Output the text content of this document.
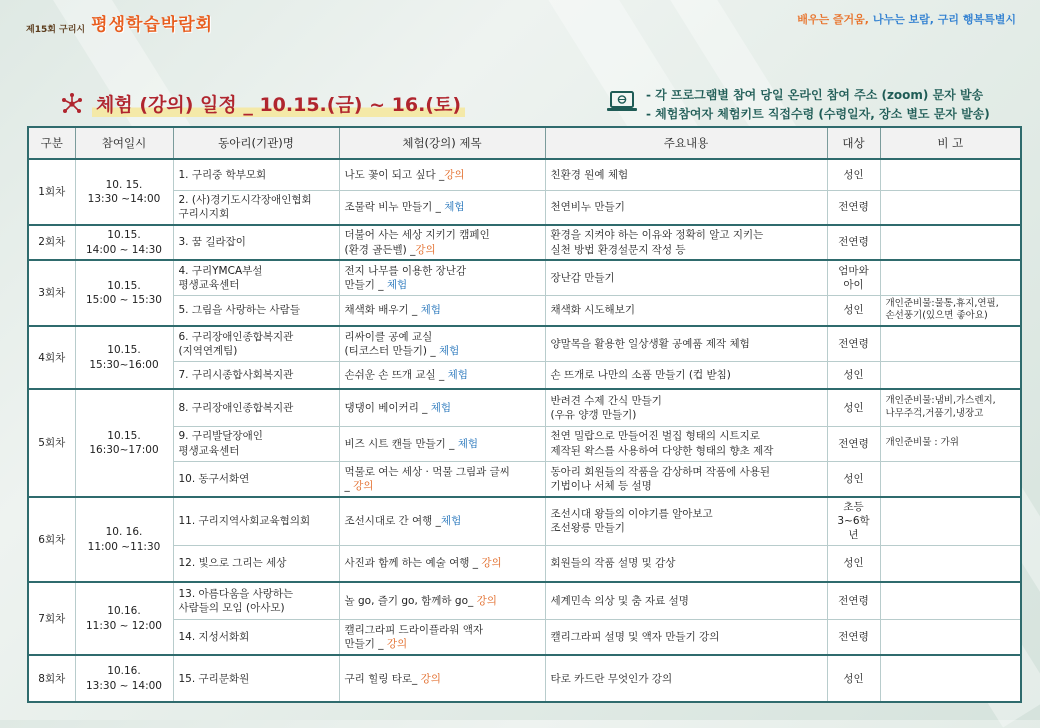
제15회 구리시 평생학습박람회	배우는 즐거움, 나누는 보람, 구리 행복특별시
체험 (강의) 일정 _ 10.15.(금) ~ 16.(토)	- 각 프로그램별 참여 당일 온라인 참여 주소 (zoom) 문자 발송
- 체험참여자 체험키트 직접수령 (수령일자, 장소 별도 문자 발송)
구분	참여일시	동아리(기관)명	체험(강의) 제목	주요내용	대상	비 고
1회차	10. 15.
13:30 ~14:00	1. 구리중 학부모회	나도 꽃이 되고 싶다 _강의	친환경 원예 체험	성인	
		2. (사)경기도시각장애인협회
구리시지회	조물락 비누 만들기 _ 체험	천연비누 만들기	전연령	
2회차	10.15.
14:00 ~ 14:30	3. 꿈 길라잡이	더불어 사는 세상 지키기 캠페인
(환경 골든벨) _강의	환경을 지켜야 하는 이유와 정확히 알고 지키는
실천 방법 환경설문지 작성 등	전연령	
3회차	10.15.
15:00 ~ 15:30	4. 구리YMCA부설
평생교육센터	전지 나무를 이용한 장난감
만들기 _ 체험	장난감 만들기	엄마와
아이	
		5. 그림을 사랑하는 사람들	채색화 배우기 _ 체험	채색화 시도해보기	성인	개인준비물:물통,휴지,연필,
손선풍기(있으면 좋아요)
4회차	10.15.
15:30~16:00	6. 구리장애인종합복지관
(지역연계팀)	리싸이클 공예 교실
(티코스터 만들기) _ 체험	양말목을 활용한 일상생활 공예품 제작 체험	전연령	
		7. 구리시종합사회복지관	손쉬운 손 뜨개 교실 _ 체험	손 뜨개로 나만의 소품 만들기 (컵 받침)	성인	
5회차	10.15.
16:30~17:00	8. 구리장애인종합복지관	댕댕이 베이커리 _ 체험	반려견 수제 간식 만들기
(우유 양갱 만들기)	성인	개인준비물:냄비,가스렌지,
나무주걱,거품기,냉장고
		9. 구리발달장애인
평생교육센터	비즈 시트 캔들 만들기 _ 체험	천연 밀랍으로 만들어진 벌집 형태의 시트지로
제작된 왁스를 사용하여 다양한 형태의 향초 제작	전연령	개인준비물 : 가위
		10. 동구서화연	먹물로 여는 세상 · 먹물 그림과 글씨
_ 강의	동아리 회원들의 작품을 감상하며 작품에 사용된
기법이나 서체 등 설명	성인	
6회차	10. 16.
11:00 ~11:30	11. 구리지역사회교육협의회	조선시대로 간 여행 _체험	조선시대 왕들의 이야기를 알아보고
조선왕릉 만들기	초등
3~6학년	
		12. 빛으로 그리는 세상	사진과 함께 하는 예술 여행 _ 강의	회원들의 작품 설명 및 감상	성인	
7회차	10.16.
11:30 ~ 12:00	13. 아름다움을 사랑하는
사람들의 모임 (아사모)	놀 go, 즐기 go, 함께하 go_ 강의	세계민속 의상 및 춤 자료 설명	전연령	
		14. 지성서화회	캘리그라피 드라이플라워 액자
만들기 _ 강의	캘리그라피 설명 및 액자 만들기 강의	전연령	
8회차	10.16.
13:30 ~ 14:00	15. 구리문화원	구리 힐링 타로_ 강의	타로 카드란 무엇인가 강의	성인	
